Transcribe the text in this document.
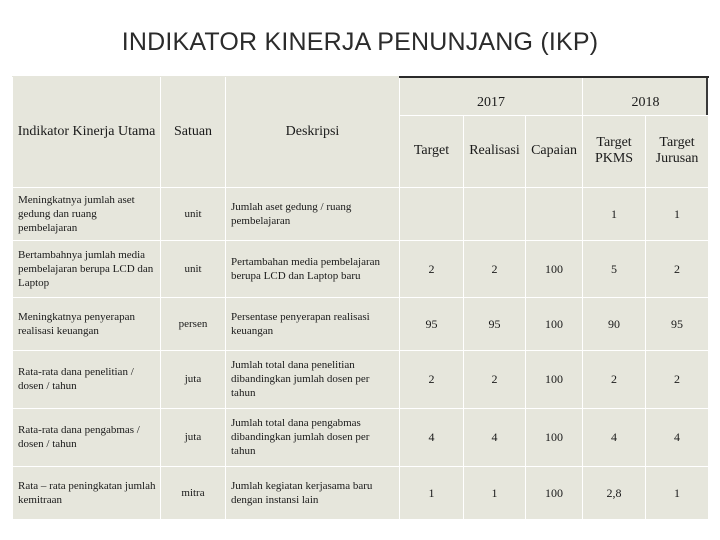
INDIKATOR KINERJA PENUNJANG (IKP)
Indikator Kinerja Utama	Satuan	Deskripsi	2017			2018	
			Target	Realisasi	Capaian	Target PKMS	Target Jurusan
Meningkatnya jumlah aset gedung dan ruang pembelajaran	unit	Jumlah aset gedung / ruang pembelajaran				1	1
Bertambahnya jumlah media pembelajaran berupa LCD dan Laptop	unit	Pertambahan media pembelajaran berupa LCD dan Laptop baru	2	2	100	5	2
Meningkatnya penyerapan realisasi keuangan	persen	Persentase penyerapan realisasi keuangan	95	95	100	90	95
Rata-rata dana penelitian / dosen / tahun	juta	Jumlah total dana penelitian dibandingkan jumlah dosen per tahun	2	2	100	2	2
Rata-rata dana pengabmas / dosen / tahun	juta	Jumlah total dana pengabmas dibandingkan jumlah dosen per tahun	4	4	100	4	4
Rata – rata peningkatan jumlah kemitraan	mitra	Jumlah kegiatan kerjasama baru dengan instansi lain	1	1	100	2,8	1
